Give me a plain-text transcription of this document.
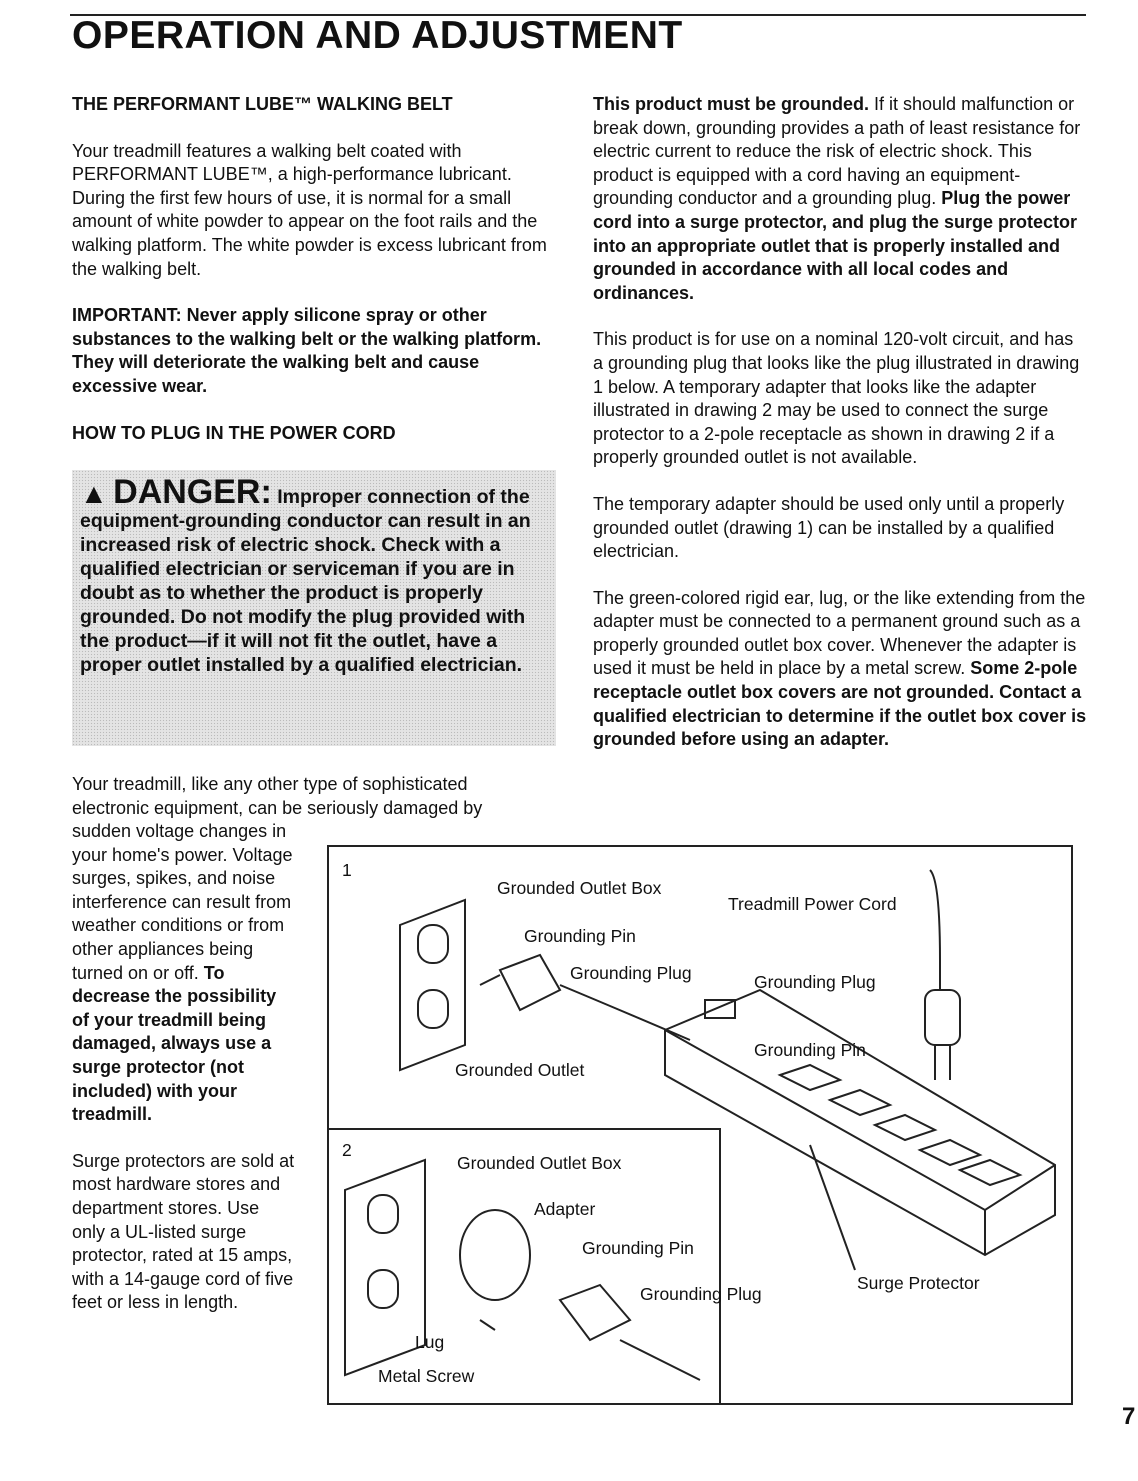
OPERATION AND ADJUSTMENT
THE PERFORMANT LUBE™ WALKING BELT

Your treadmill features a walking belt coated with PERFORMANT LUBE™, a high-performance lubricant. During the first few hours of use, it is normal for a small amount of white powder to appear on the foot rails and the walking platform. The white powder is excess lubricant from the walking belt.

IMPORTANT: Never apply silicone spray or other substances to the walking belt or the walking platform. They will deteriorate the walking belt and cause excessive wear.

HOW TO PLUG IN THE POWER CORD
▲ DANGER: Improper connection of the equipment-grounding conductor can result in an increased risk of electric shock. Check with a qualified electrician or serviceman if you are in doubt as to whether the product is properly grounded. Do not modify the plug provided with the product—if it will not fit the outlet, have a proper outlet installed by a qualified electrician.
Your treadmill, like any other type of sophisticated electronic equipment, can be seriously damaged by

sudden voltage changes in your home's power. Voltage surges, spikes, and noise interference can result from weather conditions or from other appliances being turned on or off. To decrease the possibility of your treadmill being damaged, always use a surge protector (not included) with your treadmill.

Surge protectors are sold at most hardware stores and department stores. Use only a UL-listed surge protector, rated at 15 amps, with a 14-gauge cord of five feet or less in length.

This product must be grounded. If it should malfunction or break down, grounding provides a path of least resistance for electric current to reduce the risk of electric shock. This product is equipped with a cord having an equipment-grounding conductor and a grounding plug. Plug the power cord into a surge protector, and plug the surge protector into an appropriate outlet that is properly installed and grounded in accordance with all local codes and ordinances.

This product is for use on a nominal 120-volt circuit, and has a grounding plug that looks like the plug illustrated in drawing 1 below. A temporary adapter that looks like the adapter illustrated in drawing 2 may be used to connect the surge protector to a 2-pole receptacle as shown in drawing 2 if a properly grounded outlet is not available.

The temporary adapter should be used only until a properly grounded outlet (drawing 1) can be installed by a qualified electrician.

The green-colored rigid ear, lug, or the like extending from the adapter must be connected to a permanent ground such as a properly grounded outlet box cover. Whenever the adapter is used it must be held in place by a metal screw. Some 2-pole receptacle outlet box covers are not grounded. Contact a qualified electrician to determine if the outlet box cover is grounded before using an adapter.

1
2
Grounded Outlet Box
Grounding Pin
Grounding Plug
Grounded Outlet
Treadmill Power Cord
Grounding Plug
Grounding Pin
Surge Protector
Grounded Outlet Box
Adapter
Grounding Pin
Grounding Plug
Lug
Metal Screw
7
